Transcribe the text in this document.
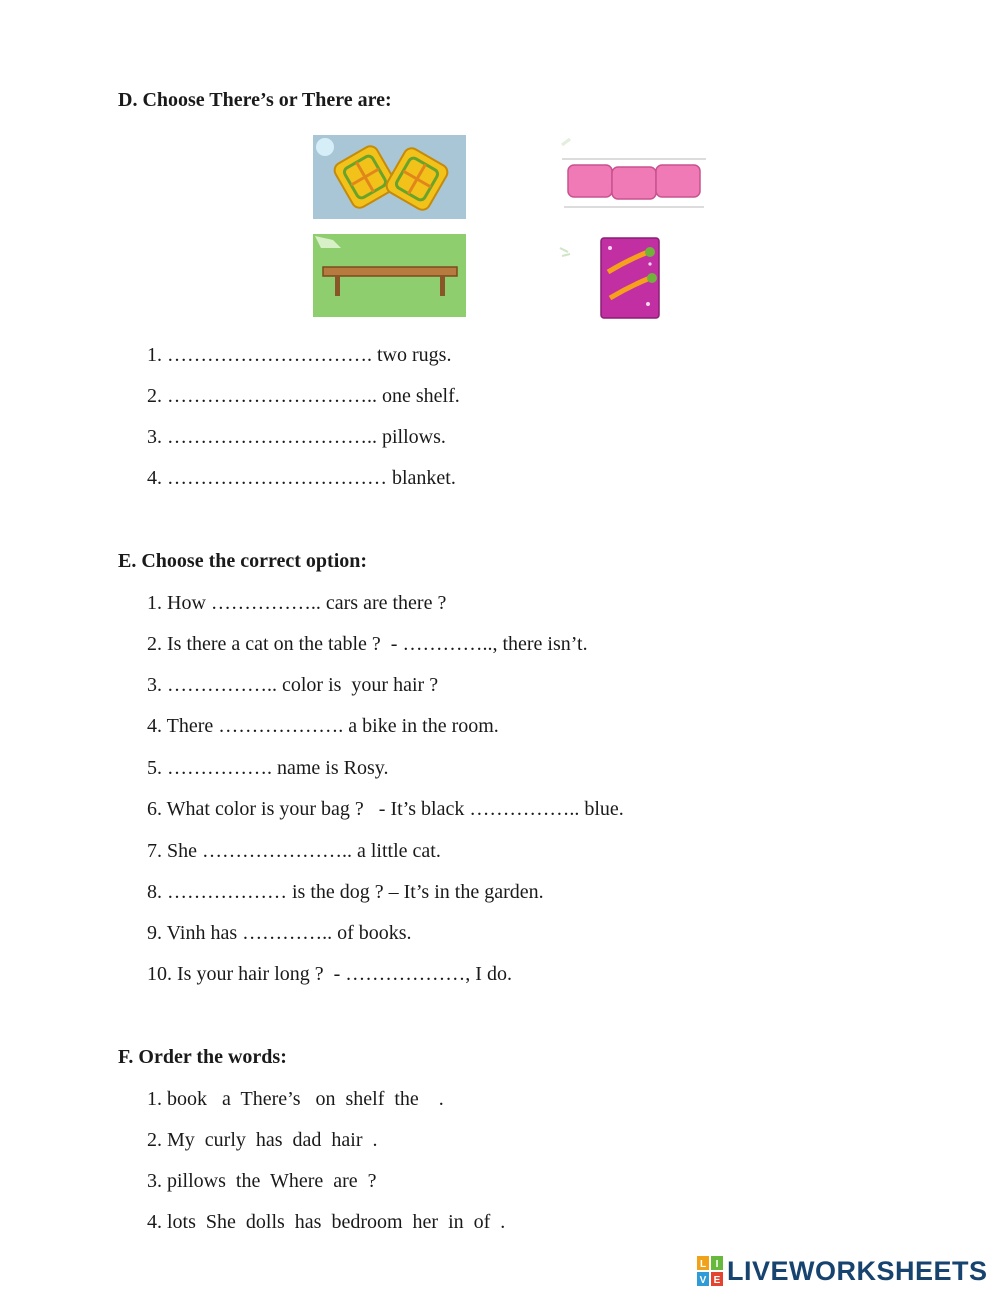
D. Choose There’s or There are:
1. …………………………. two rugs.
2. ………………………….. one shelf.
3. ………………………….. pillows.
4. …………………………… blanket.
E. Choose the correct option:
1. How …………….. cars are there ?
2. Is there a cat on the table ?  - ………….., there isn’t.
3. …………….. color is  your hair ?
4. There ………………. a bike in the room.
5. ……………. name is Rosy.
6. What color is your bag ?   - It’s black …………….. blue.
7. She ………………….. a little cat.
8. ……………… is the dog ? – It’s in the garden.
9. Vinh has ………….. of books.
10. Is your hair long ?  - ………………, I do.
F. Order the words:
1. book   a  There’s   on  shelf  the    .
2. My  curly  has  dad  hair  .
3. pillows  the  Where  are  ?
4. lots  She  dolls  has  bedroom  her  in  of  .
L I
V E LIVEWORKSHEETS
